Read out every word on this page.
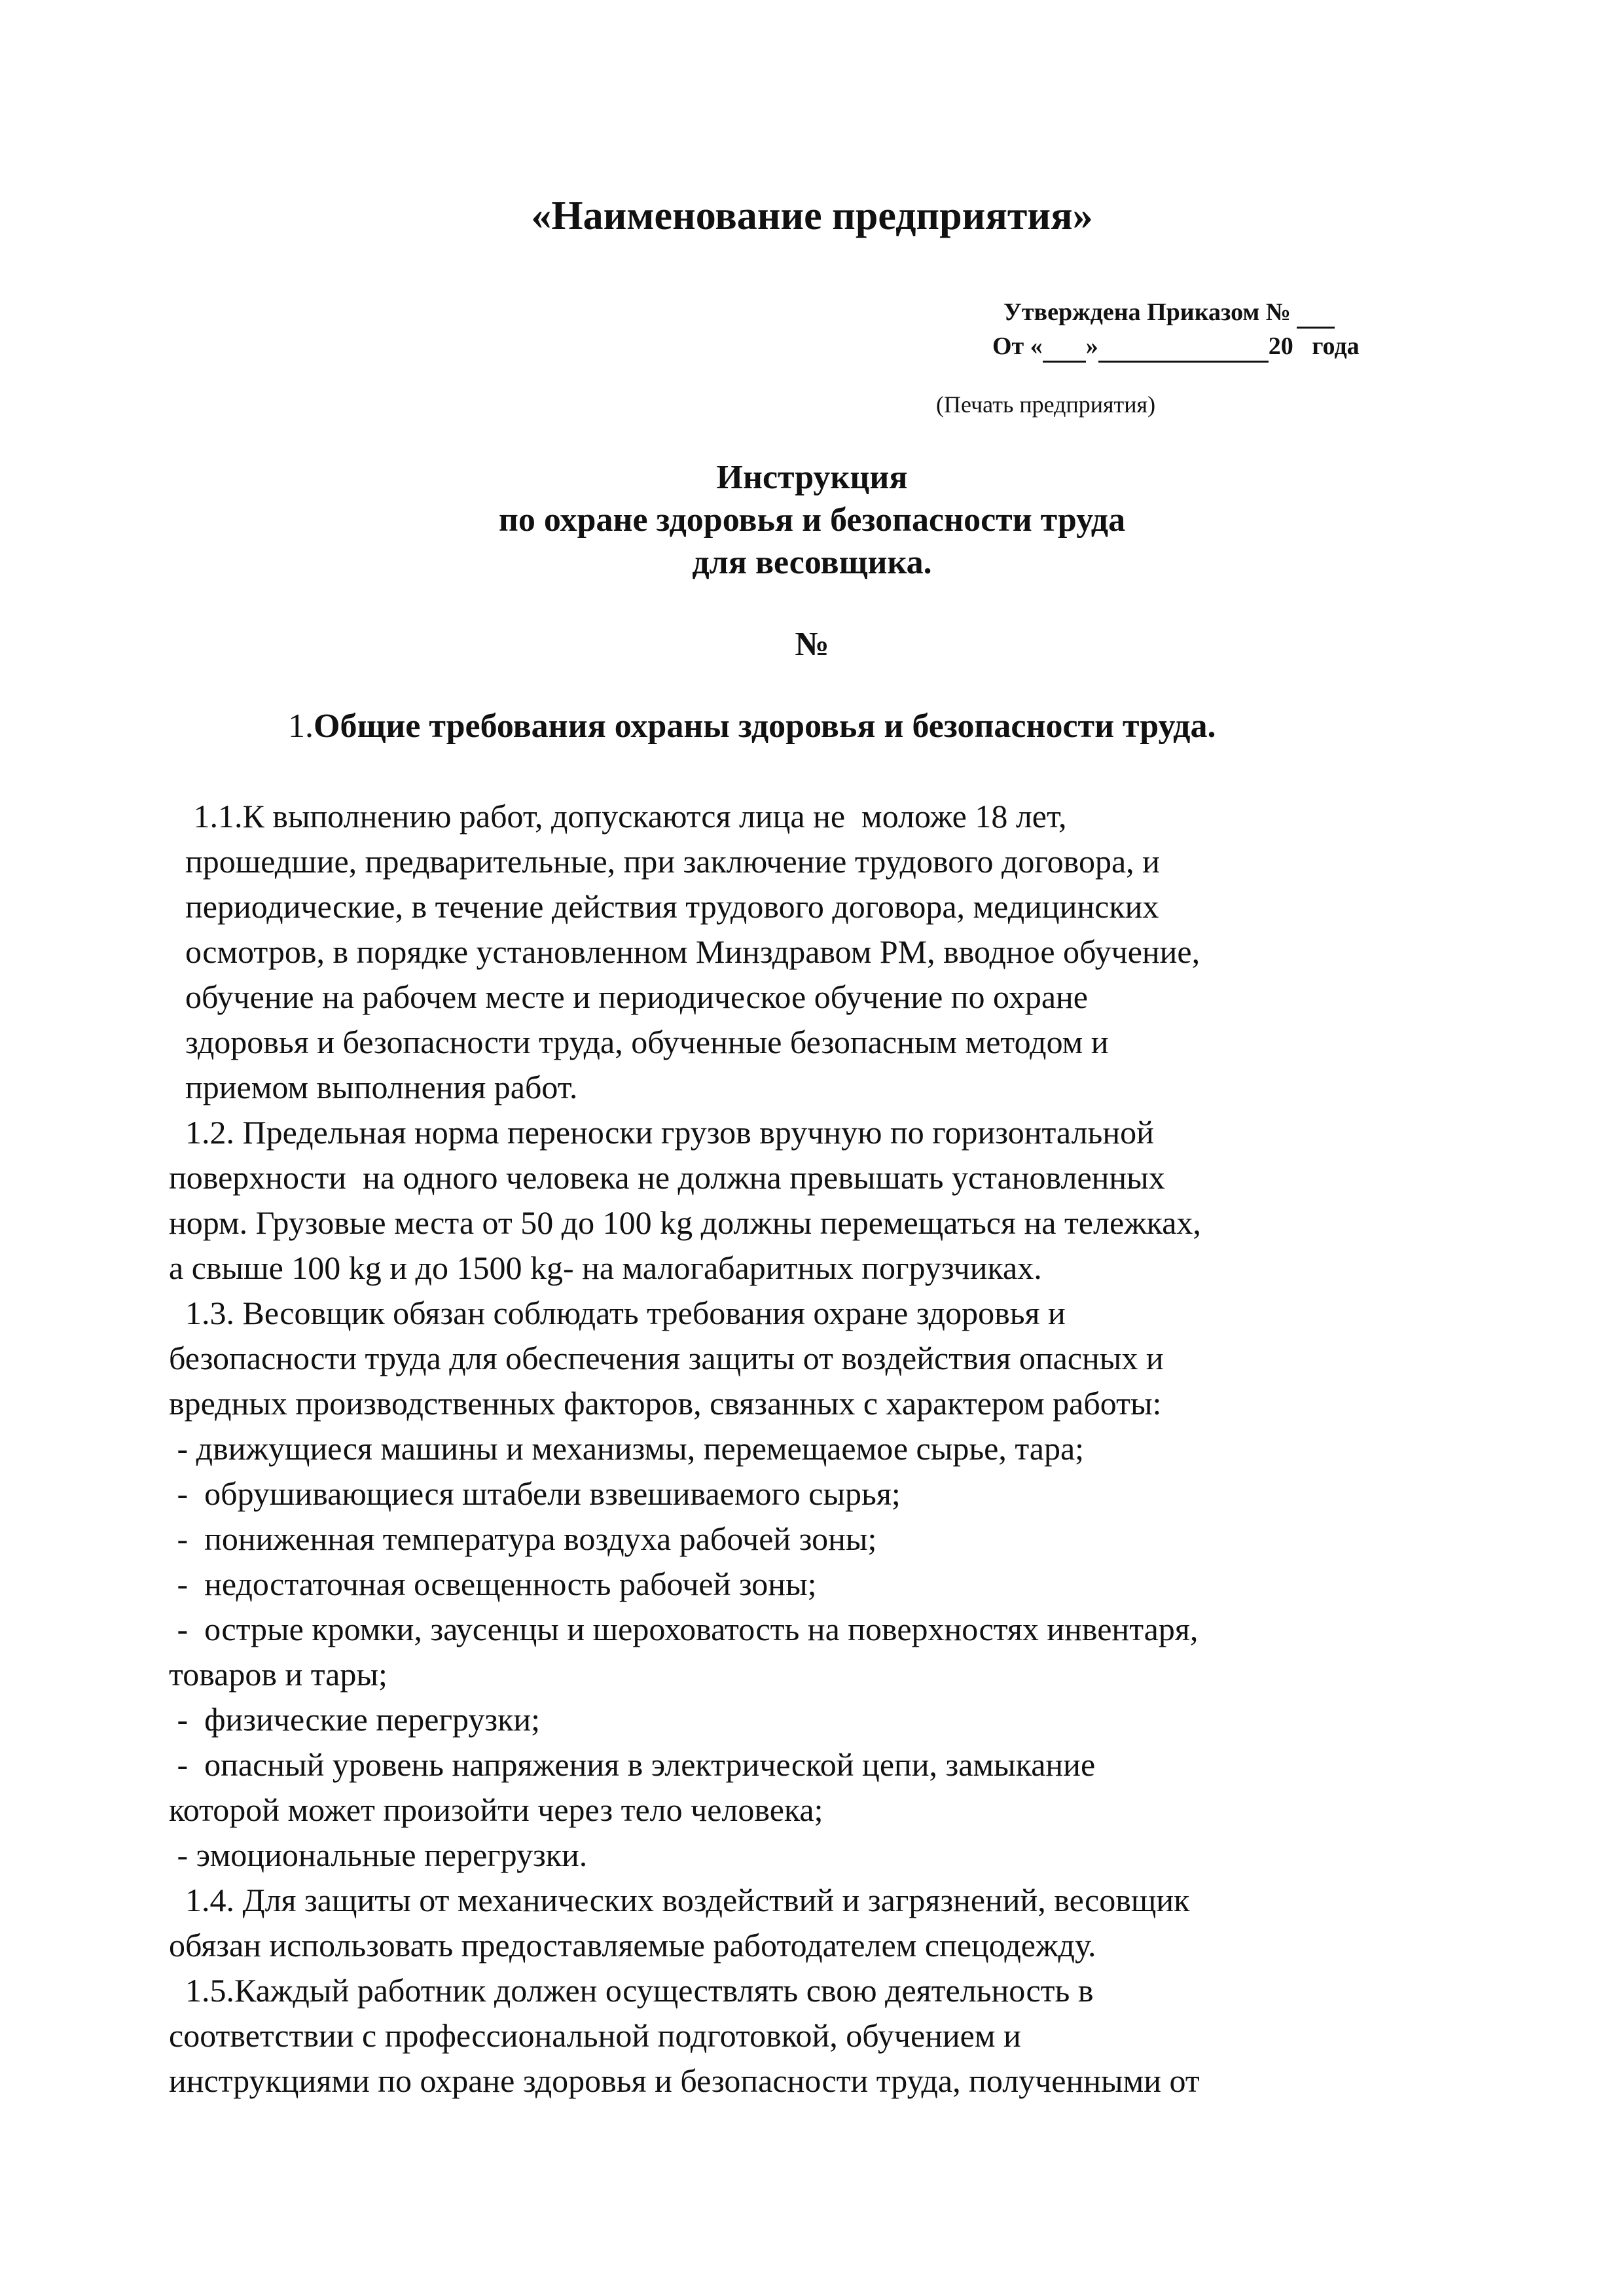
«Наименование предприятия»
Утверждена Приказом №
От « »	20 года
(Печать предприятия)
Инструкция
по охране здоровья и безопасности труда
для весовщика.
№
1.Общие требования охраны здоровья и безопасности труда.
1.1.К выполнению работ, допускаются лица не  моложе 18 лет,
прошедшие, предварительные, при заключение трудового договора, и
периодические, в течение действия трудового договора, медицинских
осмотров, в порядке установленном Минздравом РМ, вводное обучение,
обучение на рабочем месте и периодическое обучение по охране
здоровья и безопасности труда, обученные безопасным методом и
приемом выполнения работ.
1.2. Предельная норма переноски грузов вручную по горизонтальной
поверхности  на одного человека не должна превышать установленных
норм. Грузовые места от 50 до 100 kg должны перемещаться на тележках,
а свыше 100 kg и до 1500 kg- на малогабаритных погрузчиках.
1.3. Весовщик обязан соблюдать требования охране здоровья и
безопасности труда для обеспечения защиты от воздействия опасных и
вредных производственных факторов, связанных с характером работы:
- движущиеся машины и механизмы, перемещаемое сырье, тара;
-  обрушивающиеся штабели взвешиваемого сырья;
-  пониженная температура воздуха рабочей зоны;
-  недостаточная освещенность рабочей зоны;
-  острые кромки, заусенцы и шероховатость на поверхностях инвентаря,
товаров и тары;
-  физические перегрузки;
-  опасный уровень напряжения в электрической цепи, замыкание
которой может произойти через тело человека;
- эмоциональные перегрузки.
1.4. Для защиты от механических воздействий и загрязнений, весовщик
обязан использовать предоставляемые работодателем спецодежду.
1.5.Каждый работник должен осуществлять свою деятельность в
соответствии с профессиональной подготовкой, обучением и
инструкциями по охране здоровья и безопасности труда, полученными от
